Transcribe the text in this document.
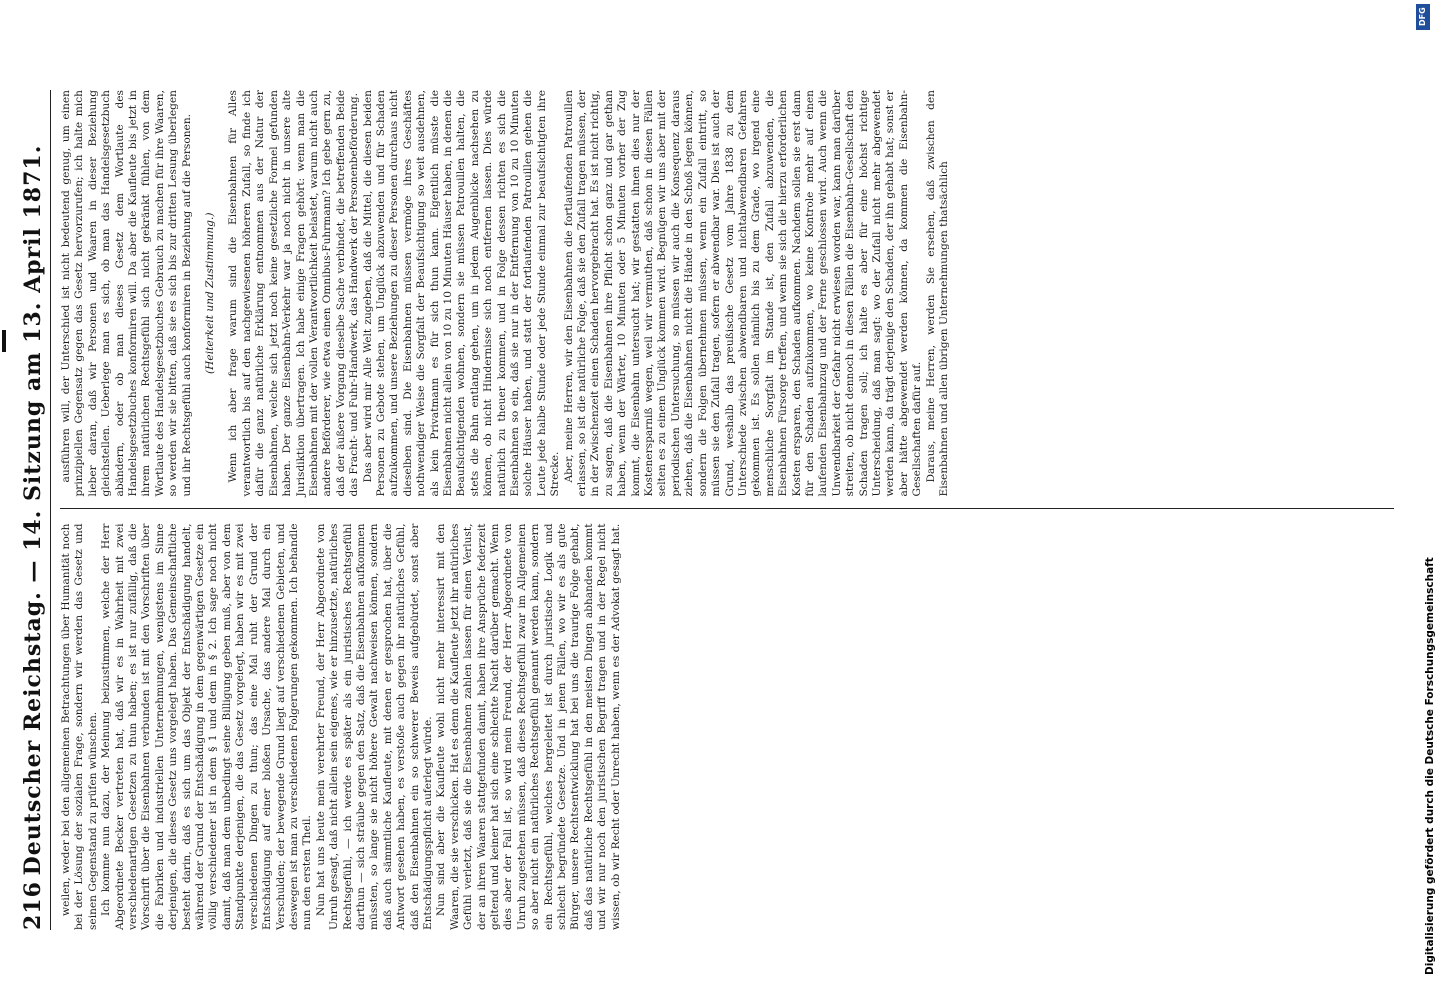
216
Deutscher Reichstag. — 14. Sitzung am 13. April 1871.	weilen, weder bei den allgemeinen Betrachtungen über Humanität noch bei der Lösung der sozialen Frage, sondern wir werden das Gesetz und seinen Gegenstand zu prüfen wünschen. Ich komme nun dazu, der Meinung beizustimmen, welche der Herr Abgeordnete Becker vertreten hat, daß wir es in Wahrheit mit zwei verschiedenartigen Gesetzen zu thun haben; es ist nur zufällig, daß die Vorschrift über die Eisenbahnen verbunden ist mit den Vorschriften über die Fabriken und industriellen Unternehmungen, wenigstens im Sinne derjenigen, die dieses Gesetz uns vorgelegt haben. Das Gemeinschaftliche besteht darin, daß es sich um das Objekt der Entschädigung handelt, während der Grund der Entschädigung in dem gegenwärtigen Gesetze ein völlig verschiedener ist in dem § 1 und dem in § 2. Ich sage noch nicht damit, daß man dem unbedingt seine Billigung geben muß, aber von dem Standpunkte derjenigen, die das Gesetz vorgelegt, haben wir es mit zwei verschiedenen Dingen zu thun; das eine Mal ruht der Grund der Entschädigung auf einer bloßen Ursache, das andere Mal durch ein Verschulden; der bewegende Grund liegt auf verschiedenen Gebieten, und deswegen ist man zu verschiedenen Folgerungen gekommen. Ich behandle nun den ersten Theil. Nun hat uns heute mein verehrter Freund, der Herr Abgeordnete von Unruh gesagt, daß nicht allein sein eigenes, wie er hinzusetzte, natürliches Rechtsgefühl, — ich werde es später als ein juristisches Rechtsgefühl darthun — sich sträube gegen den Satz, daß die Eisenbahnen aufkommen müssten, so lange sie nicht höhere Gewalt nachweisen können, sondern daß auch sämmtliche Kaufleute, mit denen er gesprochen hat, über die Antwort gesehen haben, es verstoße auch gegen ihr natürliches Gefühl, daß den Eisenbahnen ein so schwerer Beweis aufgebürdet, sonst aber Entschädigungspflicht auferlegt würde. Nun sind aber die Kaufleute wohl nicht mehr interessirt mit den Waaren, die sie verschicken. Hat es denn die Kaufleute jetzt ihr natürliches Gefühl verletzt, daß sie die Eisenbahnen zahlen lassen für einen Verlust, der an ihren Waaren stattgefunden damit, haben ihre Ansprüche federzeit geltend und keiner hat sich eine schlechte Nacht darüber gemacht. Wenn dies aber der Fall ist, so wird mein Freund, der Herr Abgeordnete von Unruh zugestehen müssen, daß dieses Rechtsgefühl zwar im Allgemeinen so aber nicht ein natürliches Rechtsgefühl genannt werden kann, sondern ein Rechtsgefühl, welches hergeleitet ist durch juristische Logik und schlecht begründete Gesetze. Und in jenen Fällen, wo wir es als gute Bürger, unsere Rechtsentwicklung hat bei uns die traurige Folge gehabt, daß das natürliche Rechtsgefühl in den meisten Dingen abhanden kommt und wir nur noch den juristischen Begriff tragen und in der Regel nicht wissen, ob wir Recht oder Unrecht haben, wenn es der Advokat gesagt hat.

ausführen will, der Unterschied ist nicht bedeutend genug, um einen prinzipiellen Gegensatz gegen das Gesetz hervorzurufen; ich halte mich lieber daran, daß wir Personen und Waaren in dieser Beziehung gleichstellen. Ueberlege man es sich, ob man das Handelsgesetzbuch abändern, oder ob man dieses Gesetz dem Wortlaute des Handelsgesetzbuches konformiren will. Da aber die Kaufleute bis jetzt in ihrem natürlichen Rechtsgefühl sich nicht gekränkt fühlen, von dem Wortlaute des Handelsgesetzbuches Gebrauch zu machen für ihre Waaren, so werden wir sie bitten, daß sie es sich bis zur dritten Lesung überlegen und ihr Rechtsgefühl auch konformiren in Beziehung auf die Personen. (Heiterkeit und Zustimmung.) Wenn ich aber frage warum sind die Eisenbahnen für Alles verantwortlich bis auf den nachgewiesenen höheren Zufall, so finde ich dafür die ganz natürliche Erklärung entnommen aus der Natur der Eisenbahnen, welche sich jetzt noch keine gesetzliche Formel gefunden haben. Der ganze Eisenbahn-Verkehr war ja noch nicht in unsere alte Jurisdiktion übertragen. Ich habe einige Fragen gehört: wenn man die Eisenbahnen mit der vollen Verantwortlichkeit belastet, warum nicht auch andere Beförderer, wie etwa einen Omnibus-Fuhrmann? Ich gebe gern zu, daß der äußere Vorgang dieselbe Sache verbindet, die betreffenden Beide das Fracht- und Fuhr-Handwerk, das Handwerk der Personenbeförderung. Das aber wird mir Alle Welt zugeben, daß die Mittel, die diesen beiden Personen zu Gebote stehen, um Unglück abzuwenden und für Schaden aufzukommen, und unsere Beziehungen zu dieser Personen durchaus nicht dieselben sind. Die Eisenbahnen müssen vermöge ihres Geschäftes nothwendiger Weise die Sorgfalt der Beaufsichtigung so weit ausdehnen, als kein Privatmann es für sich thun kann. Eigentlich müsste die Eisenbahnen nicht allein von 10 zu 10 Minuten Häuser haben, in denen die Beaufsichtigenden wohnen, sondern sie müssen Patrouillen halten, die stets die Bahn entlang gehen, um in jedem Augenblicke nachsehen zu können, ob nicht Hindernisse sich noch entfernen lassen. Dies würde natürlich zu theuer kommen, und in Folge dessen richten es sich die Eisenbahnen so ein, daß sie nur in der Entfernung von 10 zu 10 Minuten solche Häuser haben, und statt der fortlaufenden Patrouillen gehen die Leute jede halbe Stunde oder jede Stunde einmal zur beaufsichtigten ihre Strecke. Aber, meine Herren, wir den Eisenbahnen die fortlaufenden Patrouillen erlassen, so ist die natürliche Folge, daß sie den Zufall tragen müssen, der in der Zwischenzeit einen Schaden hervorgebracht hat. Es ist nicht richtig, zu sagen, daß die Eisenbahnen ihre Pflicht schon ganz und gar gethan haben, wenn der Wärter, 10 Minuten oder 5 Minuten vorher der Zug kommt, die Eisenbahn untersucht hat; wir gestatten ihnen dies nur der Kostenersparniß wegen, weil wir vermuthen, daß schon in diesen Fällen selten es zu einem Unglück kommen wird. Begnügen wir uns aber mit der periodischen Untersuchung, so müssen wir auch die Konsequenz daraus ziehen, daß die Eisenbahnen nicht die Hände in den Schoß legen können, sondern die Folgen übernehmen müssen, wenn ein Zufall eintritt, so müssen sie den Zufall tragen, sofern er abwendbar war. Dies ist auch der Grund, weshalb das preußische Gesetz vom Jahre 1838 zu dem Unterschiede zwischen abwendbaren und nichtabwendbaren Gefahren gekommen ist. Es sollen nämlich bis zu dem Grade, wo irgend eine menschliche Sorgfalt im Stande ist, den Zufall abzuwenden, die Eisenbahnen Fürsorge treffen, und wenn sie sich die hierzu erforderlichen Kosten ersparen, den Schaden aufkommen. Nachdem sollen sie erst dann für den Schaden aufzukommen, wo keine Kontrole mehr auf einen laufenden Eisenbahnzug und der Ferne geschlossen wird. Auch wenn die Unwendbarkeit der Gefahr nicht erwiesen worden war, kann man darüber streiten, ob nicht dennoch in diesen Fällen die Eisenbahn-Gesellschaft den Schaden tragen soll; ich halte es aber für eine höchst richtige Unterscheidung, daß man sagt: wo der Zufall nicht mehr abgewendet werden kann, da trägt derjenige den Schaden, der ihn gehabt hat; sonst er aber hätte abgewendet werden können, da kommen die Eisenbahn-Gesellschaften dafür auf. Daraus, meine Herren, werden Sie ersehen, daß zwischen den Eisenbahnen und allen übrigen Unternehmungen thatsächlich

DFG
Digitalisierung gefördert durch die Deutsche Forschungsgemeinschaft
